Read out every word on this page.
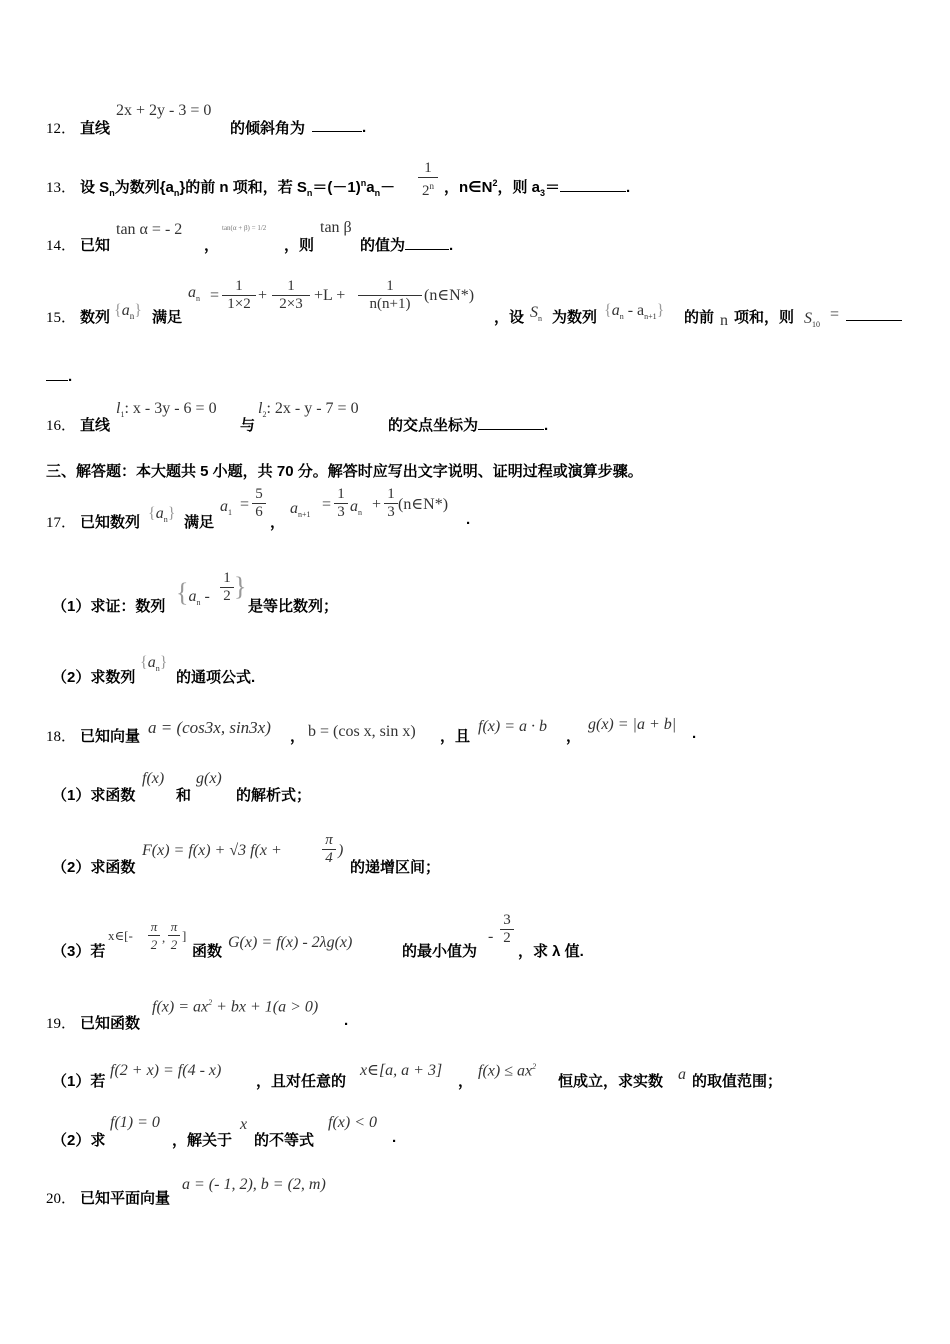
12． 直线
2x + 2y - 3 = 0
的倾斜角为	.
13． 设 $S_n$为数列$\{a_n\}$的前 n 项和，若 $S_n=(-1)^na_n-$
1
2$^n$ ，$n\in N^2$，则 $a_3=$	.
14． 已知
tan α = - 2
，
tan(α + β) = 1/2
，则
tan β
的值为	.
15． 数列 $\{a_n\}$ 满足
$a_n$ =
1
1×2 +
1
2×3 +L +
1
n(n+1) (n∈N*)
，设 $S_n$ 为数列 $\{a_n - a_{n+1}\}$ 的前 n 项和，则 $S_{10}$
=
.
16． 直线
$l_1$: x - 3y - 6 = 0
与
$l_2$: 2x - y - 7 = 0
的交点坐标为	.
三、解答题：本大题共 5 小题，共 70 分。解答时应写出文字说明、证明过程或演算步骤。
17． 已知数列
$\{a_n\}$
满足
$a_1$ =
5
6
，
$a_{n+1}$
=
1
3 $a_n$ +
1
3 (n∈N*)
.
（1）求证：数列 {$a_n$ -
1
2 }
是等比数列；
（2）求数列
$\{a_n\}$
的通项公式.
18． 已知向量 a = (cos3x, sin3x) ， b = (cos x, sin x) ，且
f(x) = a · b
，
g(x) = |a + b|
.
（1）求函数
f(x)
和
g(x)
的解析式；
（2）求函数
F(x) = f(x) + √3 f(x +
π
4 )
的递增区间；
（3）若
x∈[-
π
2 ,
π
2
]
函数
G(x) = f(x) - 2λg(x)
的最小值为
-
3
2
，求 λ 值.
19． 已知函数
$f(x) = ax^2$ + bx + 1(a > 0)
.
（1）若
f(2 + x) = f(4 - x)
，且对任意的
x∈[a, a + 3]
，
$f(x) \le ax^2$
恒成立，求实数 a 的取值范围；
（2）求
f(1) = 0
，解关于
x
的不等式
f(x) < 0
.
20． 已知平面向量
a = (- 1, 2), b = (2, m)
